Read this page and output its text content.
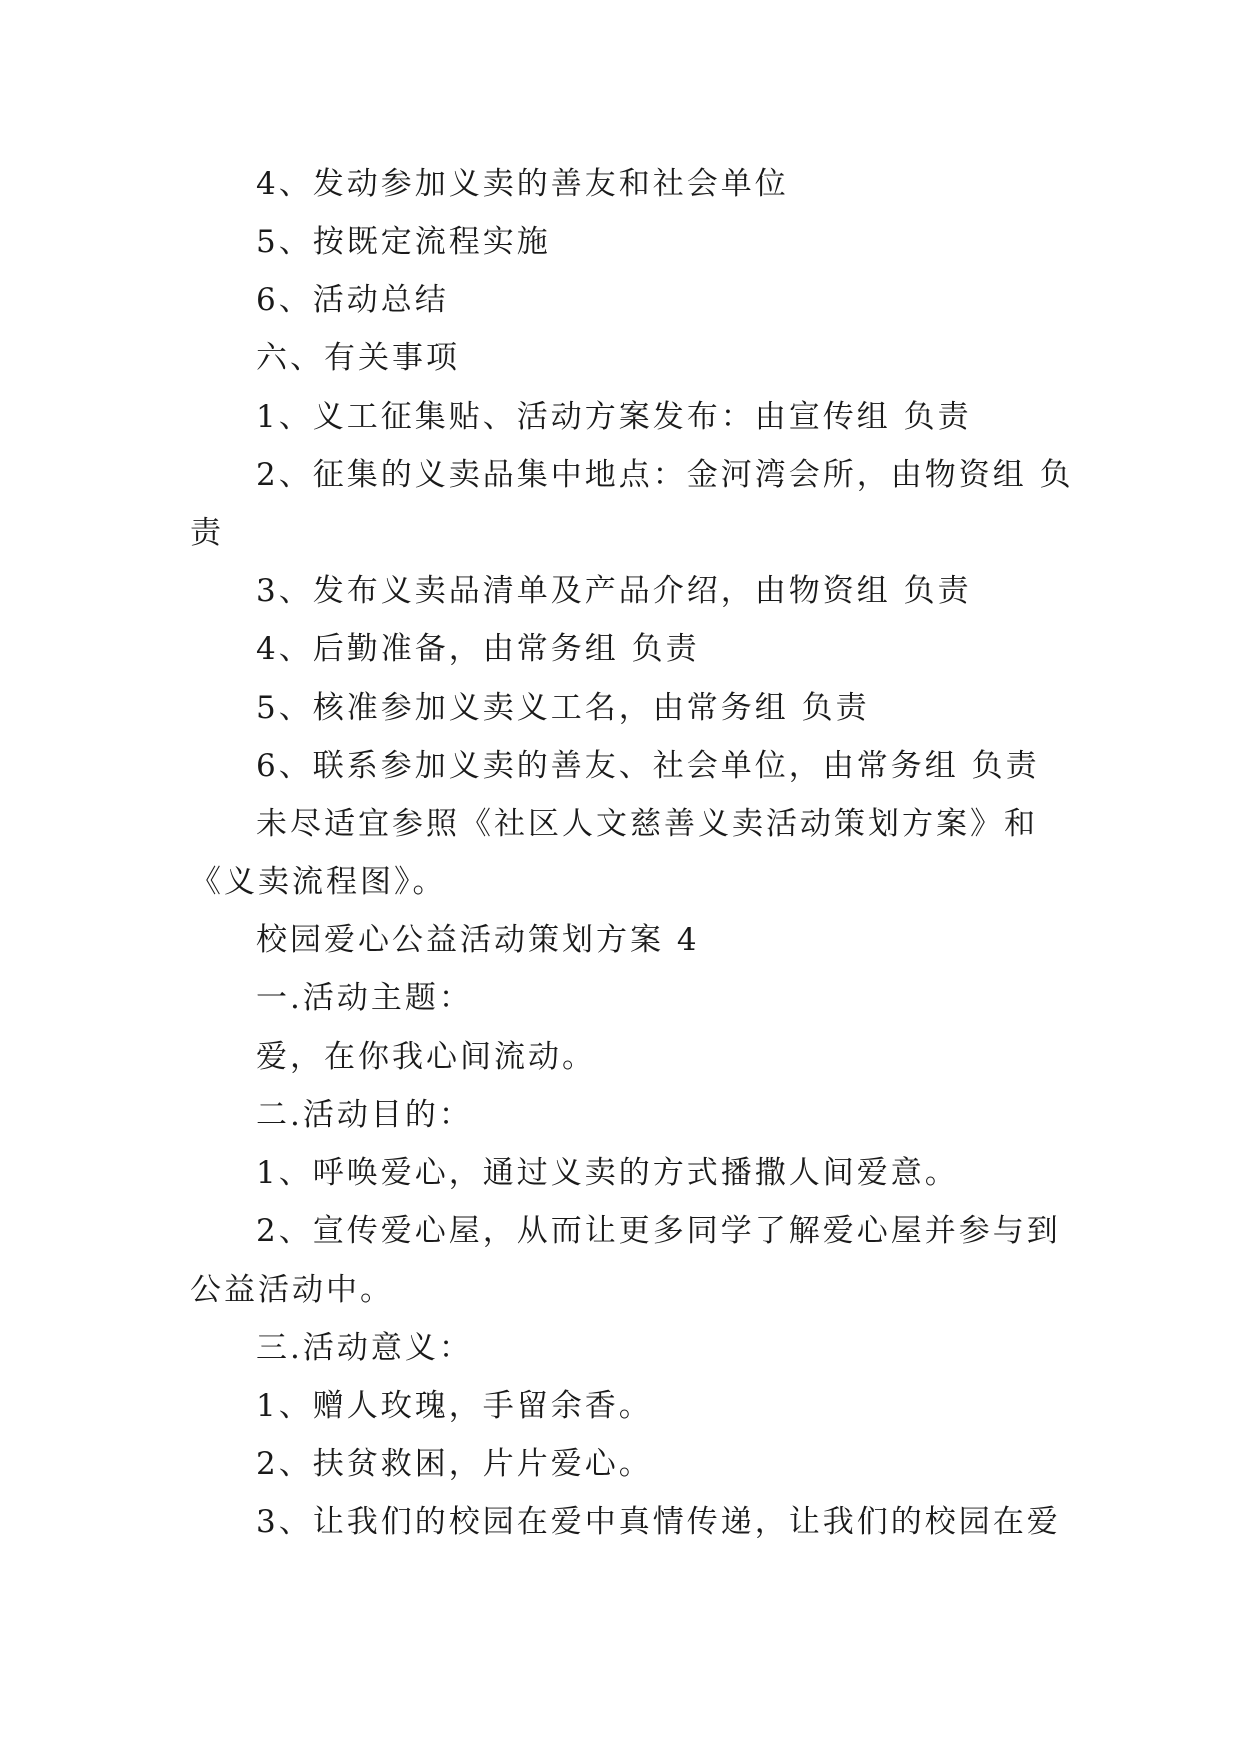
4、发动参加义卖的善友和社会单位
5、按既定流程实施
6、活动总结
六、有关事项
1、义工征集贴、活动方案发布：由宣传组 负责
2、征集的义卖品集中地点：金河湾会所，由物资组 负
责
3、发布义卖品清单及产品介绍，由物资组 负责
4、后勤准备，由常务组 负责
5、核准参加义卖义工名，由常务组 负责
6、联系参加义卖的善友、社会单位，由常务组 负责
未尽适宜参照《社区人文慈善义卖活动策划方案》和
《义卖流程图》。
校园爱心公益活动策划方案 4
一.活动主题：
爱，在你我心间流动。
二.活动目的：
1、呼唤爱心，通过义卖的方式播撒人间爱意。
2、宣传爱心屋，从而让更多同学了解爱心屋并参与到
公益活动中。
三.活动意义：
1、赠人玫瑰，手留余香。
2、扶贫救困，片片爱心。
3、让我们的校园在爱中真情传递，让我们的校园在爱
